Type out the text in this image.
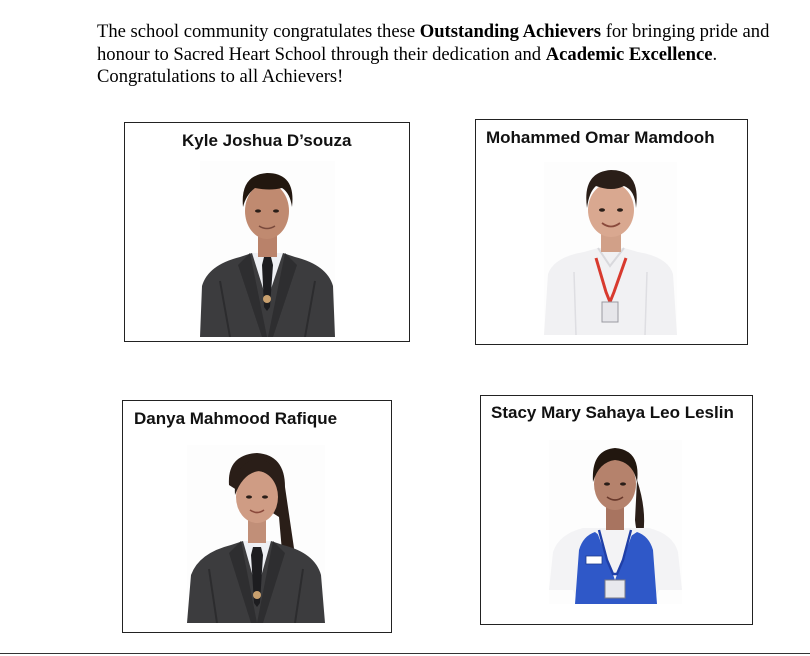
The school community congratulates these Outstanding Achievers for bringing pride and honour to Sacred Heart School through their dedication and Academic Excellence. Congratulations to all Achievers!

Kyle Joshua D’souza	Mohammed Omar Mamdooh
Danya Mahmood Rafique	Stacy Mary Sahaya Leo Leslin
